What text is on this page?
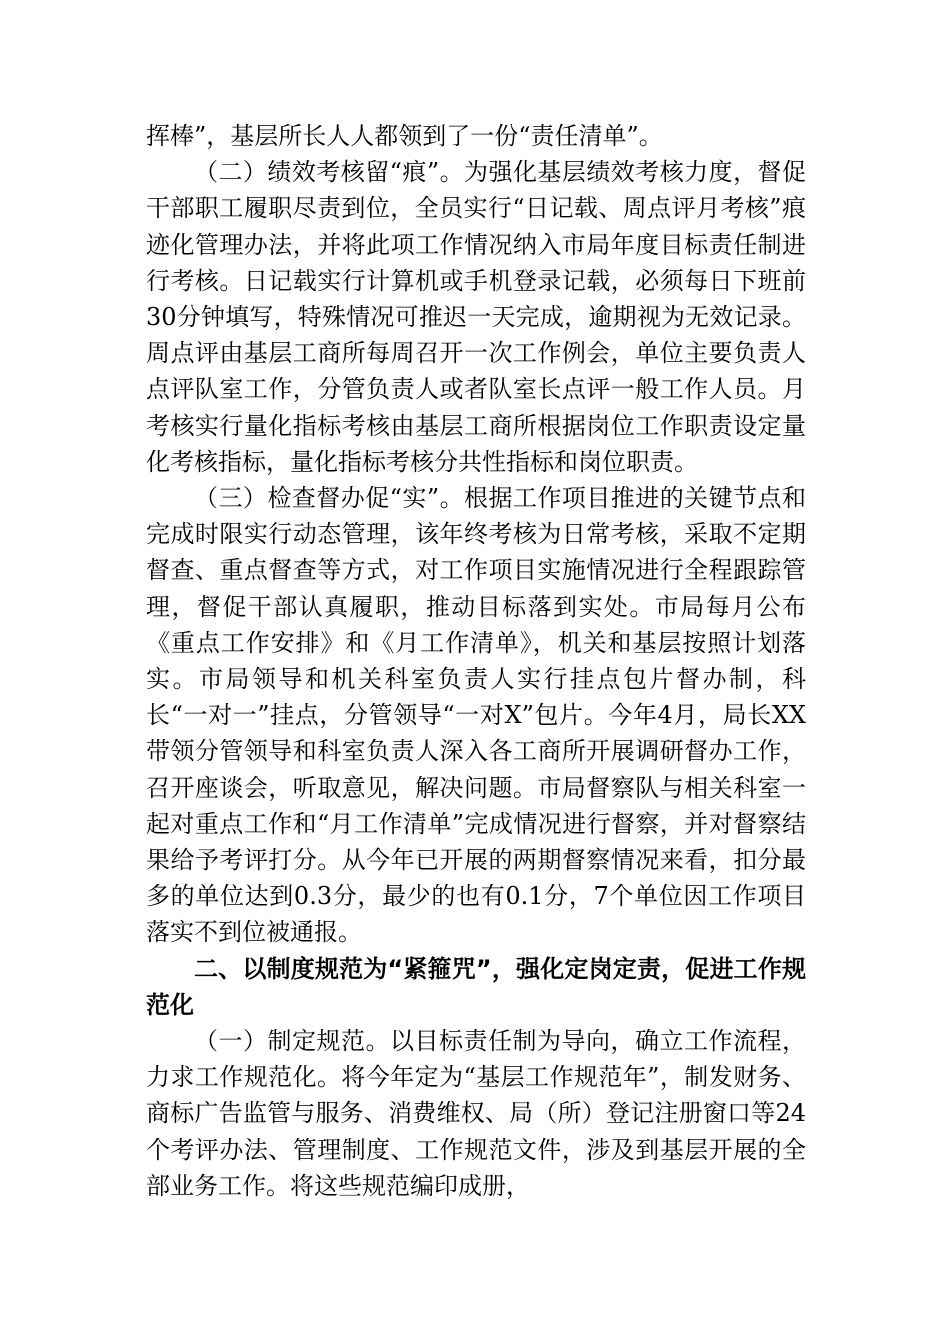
挥棒”，基层所长人人都领到了一份“责任清单”。

（二）绩效考核留“痕”。为强化基层绩效考核力度，督促干部职工履职尽责到位，全员实行“日记载、周点评月考核”痕迹化管理办法，并将此项工作情况纳入市局年度目标责任制进行考核。日记载实行计算机或手机登录记载，必须每日下班前30分钟填写，特殊情况可推迟一天完成，逾期视为无效记录。周点评由基层工商所每周召开一次工作例会，单位主要负责人点评队室工作，分管负责人或者队室长点评一般工作人员。月考核实行量化指标考核由基层工商所根据岗位工作职责设定量化考核指标，量化指标考核分共性指标和岗位职责。

（三）检查督办促“实”。根据工作项目推进的关键节点和完成时限实行动态管理，该年终考核为日常考核，采取不定期督查、重点督查等方式，对工作项目实施情况进行全程跟踪管理，督促干部认真履职，推动目标落到实处。市局每月公布《重点工作安排》和《月工作清单》，机关和基层按照计划落实。市局领导和机关科室负责人实行挂点包片督办制，科长“一对一”挂点，分管领导“一对X”包片。今年4月，局长XX带领分管领导和科室负责人深入各工商所开展调研督办工作，召开座谈会，听取意见，解决问题。市局督察队与相关科室一起对重点工作和“月工作清单”完成情况进行督察，并对督察结果给予考评打分。从今年已开展的两期督察情况来看，扣分最多的单位达到0.3分，最少的也有0.1分，7个单位因工作项目落实不到位被通报。

二、以制度规范为“紧箍咒”，强化定岗定责，促进工作规范化

（一）制定规范。以目标责任制为导向，确立工作流程，力求工作规范化。将今年定为“基层工作规范年”，制发财务、商标广告监管与服务、消费维权、局（所）登记注册窗口等24个考评办法、管理制度、工作规范文件，涉及到基层开展的全部业务工作。将这些规范编印成册，
